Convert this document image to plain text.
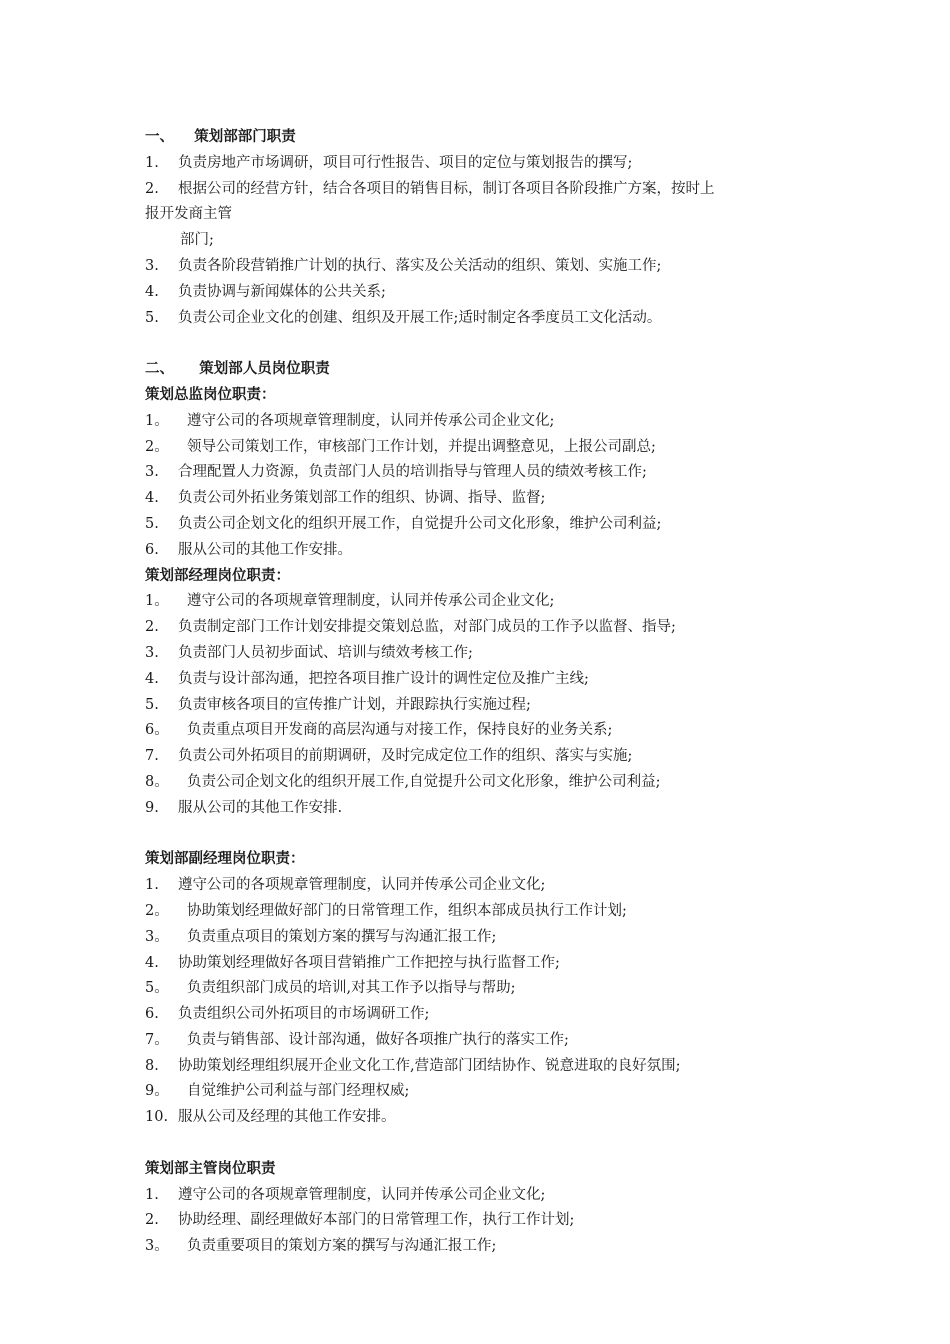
一、    策划部部门职责
1. 负责房地产市场调研，项目可行性报告、项目的定位与策划报告的撰写;
2. 根据公司的经营方针，结合各项目的销售目标，制订各项目各阶段推广方案，按时上
报开发商主管
部门;
3. 负责各阶段营销推广计划的执行、落实及公关活动的组织、策划、实施工作;
4. 负责协调与新闻媒体的公共关系;
5. 负责公司企业文化的创建、组织及开展工作;适时制定各季度员工文化活动。
二、     策划部人员岗位职责
策划总监岗位职责：
1。 遵守公司的各项规章管理制度，认同并传承公司企业文化;
2。 领导公司策划工作，审核部门工作计划，并提出调整意见，上报公司副总;
3. 合理配置人力资源，负责部门人员的培训指导与管理人员的绩效考核工作;
4. 负责公司外拓业务策划部工作的组织、协调、指导、监督;
5. 负责公司企划文化的组织开展工作，自觉提升公司文化形象，维护公司利益;
6. 服从公司的其他工作安排。
策划部经理岗位职责：
1。 遵守公司的各项规章管理制度，认同并传承公司企业文化;
2. 负责制定部门工作计划安排提交策划总监，对部门成员的工作予以监督、指导;
3. 负责部门人员初步面试、培训与绩效考核工作;
4. 负责与设计部沟通，把控各项目推广设计的调性定位及推广主线;
5. 负责审核各项目的宣传推广计划，并跟踪执行实施过程;
6。 负责重点项目开发商的高层沟通与对接工作，保持良好的业务关系;
7. 负责公司外拓项目的前期调研，及时完成定位工作的组织、落实与实施;
8。 负责公司企划文化的组织开展工作,自觉提升公司文化形象，维护公司利益;
9. 服从公司的其他工作安排.
策划部副经理岗位职责：
1. 遵守公司的各项规章管理制度，认同并传承公司企业文化;
2。 协助策划经理做好部门的日常管理工作，组织本部成员执行工作计划;
3。 负责重点项目的策划方案的撰写与沟通汇报工作;
4. 协助策划经理做好各项目营销推广工作把控与执行监督工作;
5。 负责组织部门成员的培训,对其工作予以指导与帮助;
6. 负责组织公司外拓项目的市场调研工作;
7。 负责与销售部、设计部沟通，做好各项推广执行的落实工作;
8. 协助策划经理组织展开企业文化工作,营造部门团结协作、锐意进取的良好氛围;
9。 自觉维护公司利益与部门经理权威;
10. 服从公司及经理的其他工作安排。
策划部主管岗位职责
1. 遵守公司的各项规章管理制度，认同并传承公司企业文化;
2. 协助经理、副经理做好本部门的日常管理工作，执行工作计划;
3。 负责重要项目的策划方案的撰写与沟通汇报工作;
